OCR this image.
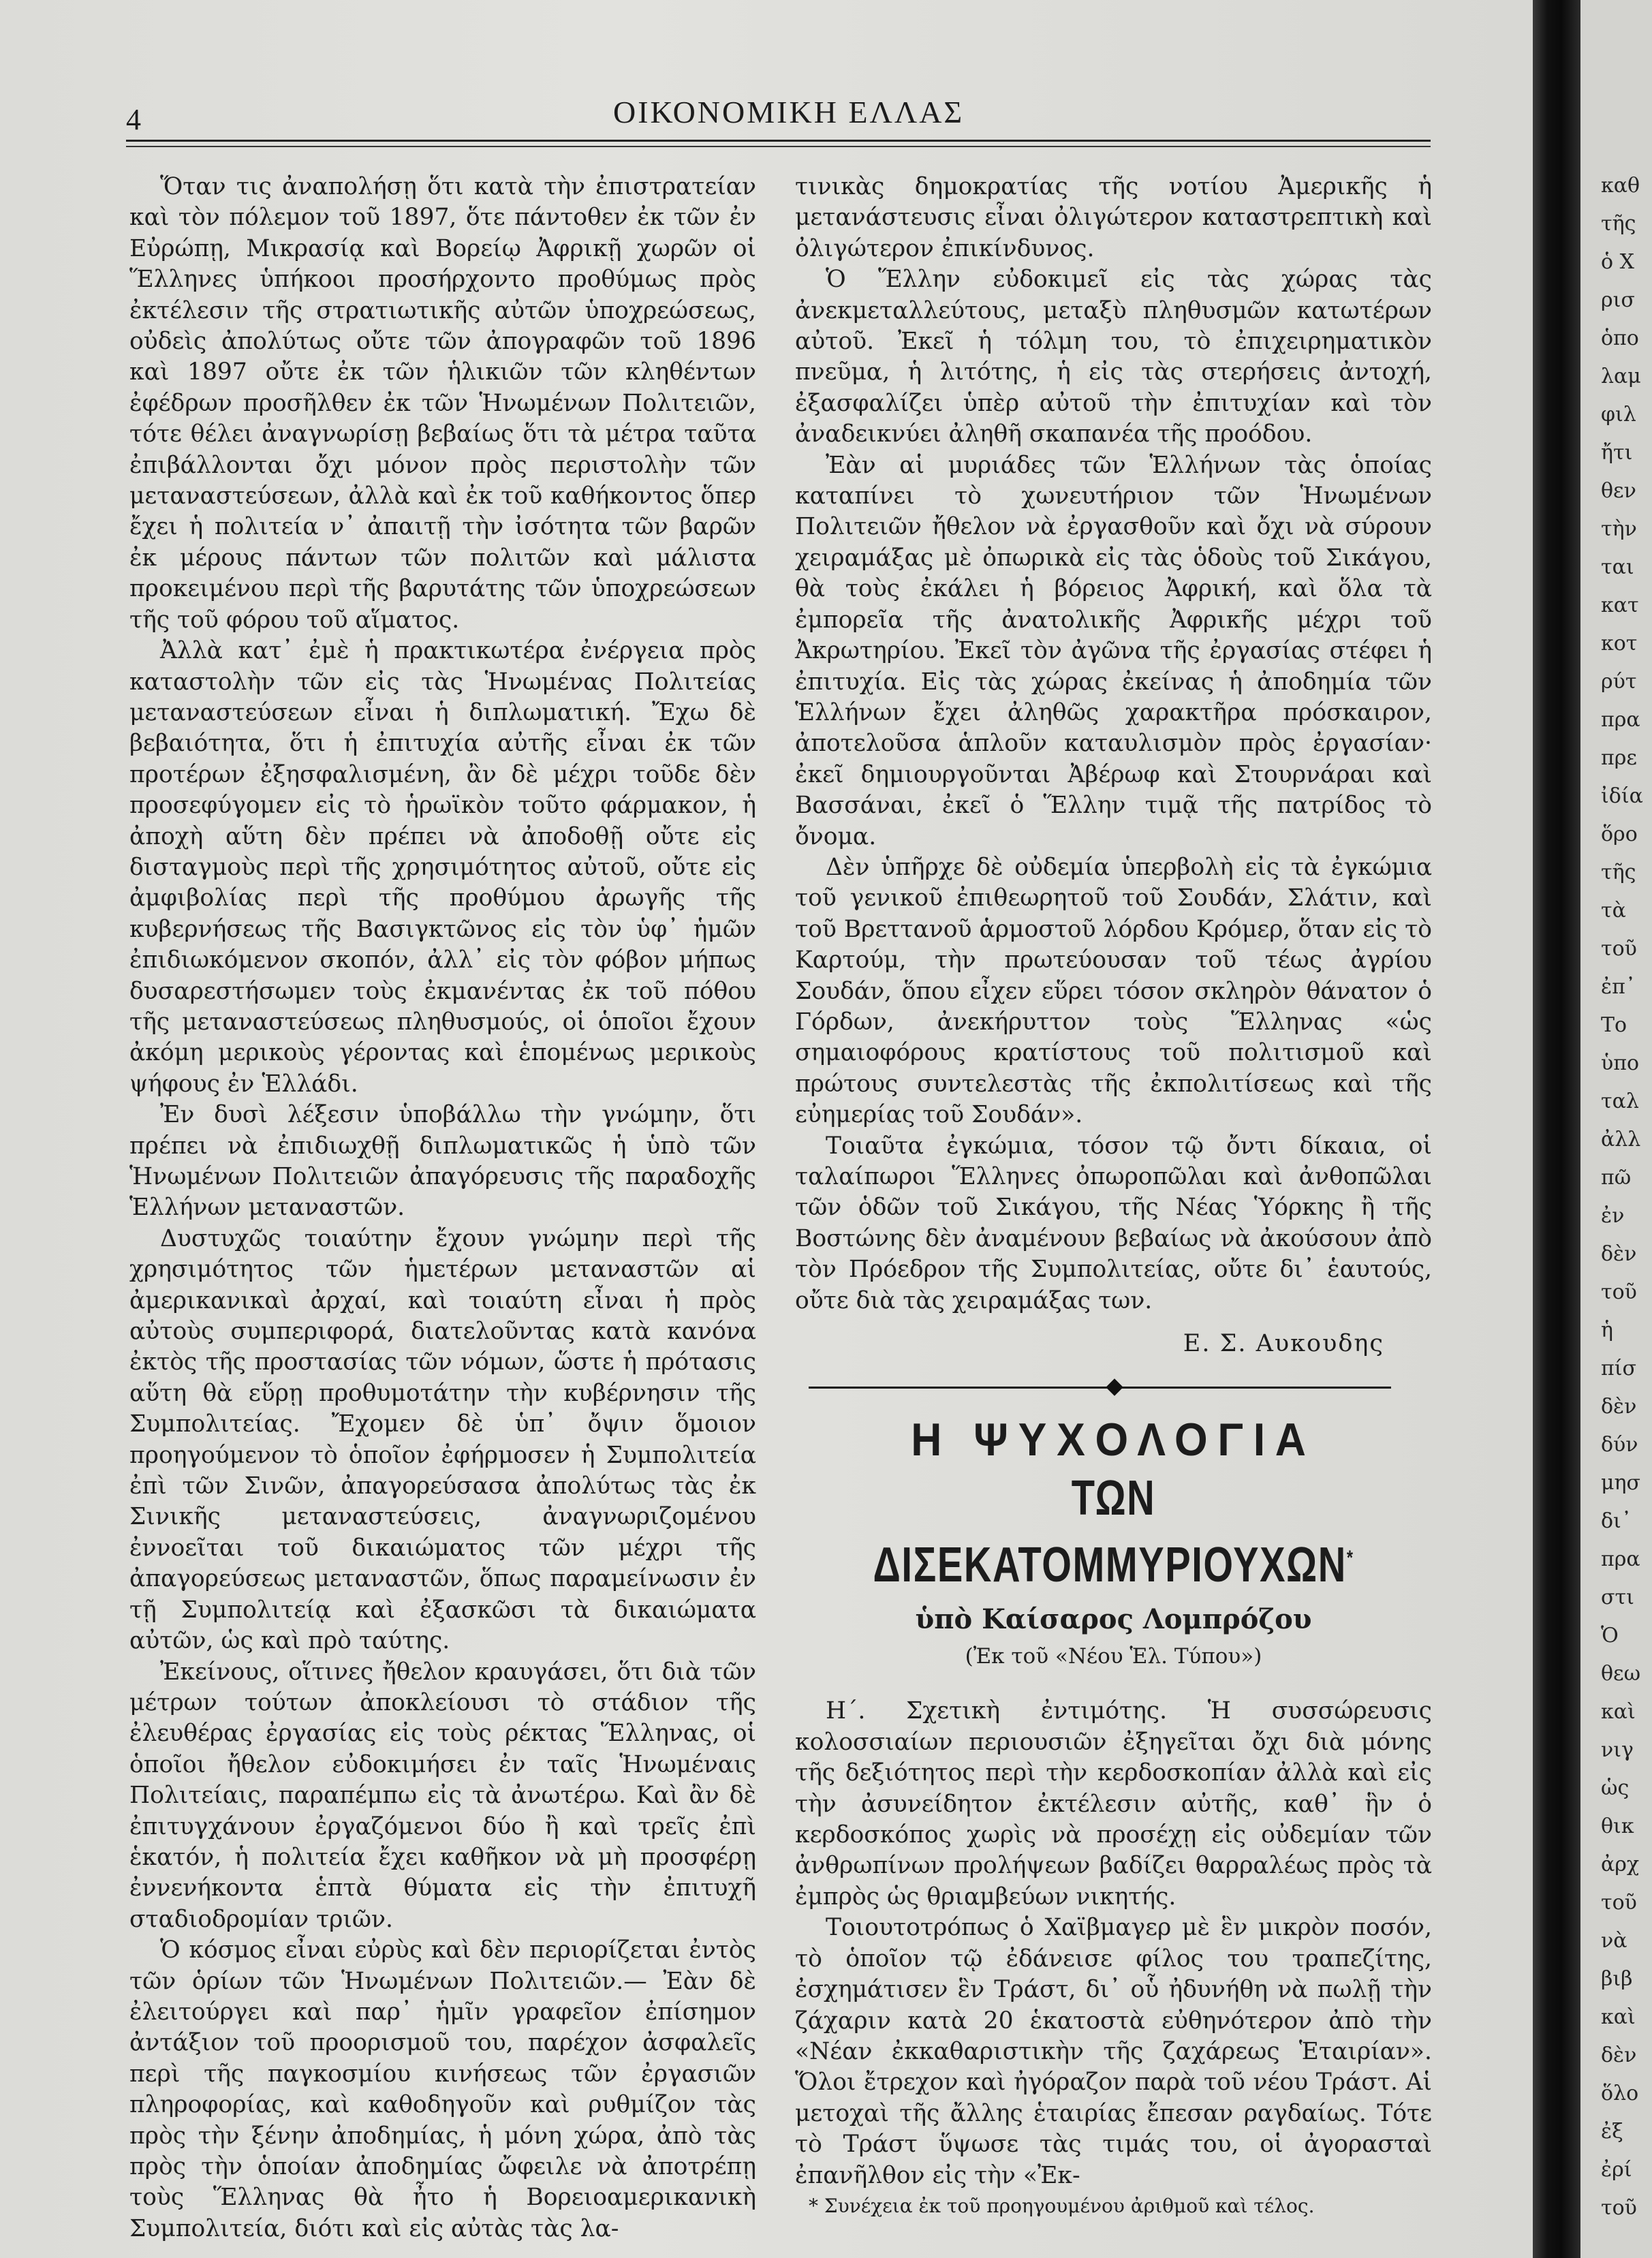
4	ΟΙΚΟΝΟΜΙΚΗ ΕΛΛΑΣ

Ὅταν τις ἀναπολήσῃ ὅτι κατὰ τὴν ἐπιστρατείαν καὶ τὸν πόλεμον τοῦ 1897, ὅτε πάντοθεν ἐκ τῶν ἐν Εὐρώπῃ, Μικρασίᾳ καὶ Βορείῳ Ἀφρικῇ χωρῶν οἱ Ἕλληνες ὑπήκοοι προσήρχοντο προθύμως πρὸς ἐκτέλεσιν τῆς στρατιωτικῆς αὐτῶν ὑποχρεώσεως, οὐδεὶς ἀπολύτως οὔτε τῶν ἀπογραφῶν τοῦ 1896 καὶ 1897 οὔτε ἐκ τῶν ἡλικιῶν τῶν κληθέντων ἐφέδρων προσῆλθεν ἐκ τῶν Ἡνωμένων Πολιτειῶν, τότε θέλει ἀναγνωρίσῃ βεβαίως ὅτι τὰ μέτρα ταῦτα ἐπιβάλλονται ὄχι μόνον πρὸς περιστολὴν τῶν μεταναστεύσεων, ἀλλὰ καὶ ἐκ τοῦ καθήκοντος ὅπερ ἔχει ἡ πολιτεία ν᾽ ἀπαιτῇ τὴν ἰσότητα τῶν βαρῶν ἐκ μέρους πάντων τῶν πολιτῶν καὶ μάλιστα προκειμένου περὶ τῆς βαρυτάτης τῶν ὑποχρεώσεων τῆς τοῦ φόρου τοῦ αἵματος.

Ἀλλὰ κατ᾽ ἐμὲ ἡ πρακτικωτέρα ἐνέργεια πρὸς καταστολὴν τῶν εἰς τὰς Ἡνωμένας Πολιτείας μεταναστεύσεων εἶναι ἡ διπλωματική. Ἔχω δὲ βεβαιότητα, ὅτι ἡ ἐπιτυχία αὐτῆς εἶναι ἐκ τῶν προτέρων ἐξησφαλισμένη, ἂν δὲ μέχρι τοῦδε δὲν προσεφύγομεν εἰς τὸ ἡρωϊκὸν τοῦτο φάρμακον, ἡ ἀποχὴ αὕτη δὲν πρέπει νὰ ἀποδοθῇ οὔτε εἰς δισταγμοὺς περὶ τῆς χρησιμότητος αὐτοῦ, οὔτε εἰς ἀμφιβολίας περὶ τῆς προθύμου ἀρωγῆς τῆς κυβερνήσεως τῆς Βασιγκτῶνος εἰς τὸν ὑφ᾽ ἡμῶν ἐπιδιωκόμενον σκοπόν, ἀλλ᾽ εἰς τὸν φόβον μήπως δυσαρεστήσωμεν τοὺς ἐκμανέντας ἐκ τοῦ πόθου τῆς μεταναστεύσεως πληθυσμούς, οἱ ὁποῖοι ἔχουν ἀκόμη μερικοὺς γέροντας καὶ ἑπομένως μερικοὺς ψήφους ἐν Ἑλλάδι.

Ἐν δυσὶ λέξεσιν ὑποβάλλω τὴν γνώμην, ὅτι πρέπει νὰ ἐπιδιωχθῇ διπλωματικῶς ἡ ὑπὸ τῶν Ἡνωμένων Πολιτειῶν ἀπαγόρευσις τῆς παραδοχῆς Ἑλλήνων μεταναστῶν.

Δυστυχῶς τοιαύτην ἔχουν γνώμην περὶ τῆς χρησιμότητος τῶν ἡμετέρων μεταναστῶν αἱ ἀμερικανικαὶ ἀρχαί, καὶ τοιαύτη εἶναι ἡ πρὸς αὐτοὺς συμπεριφορά, διατελοῦντας κατὰ κανόνα ἐκτὸς τῆς προστασίας τῶν νόμων, ὥστε ἡ πρότασις αὕτη θὰ εὕρῃ προθυμοτάτην τὴν κυβέρνησιν τῆς Συμπολιτείας. Ἔχομεν δὲ ὑπ᾽ ὄψιν ὅμοιον προηγούμενον τὸ ὁποῖον ἐφήρμοσεν ἡ Συμπολιτεία ἐπὶ τῶν Σινῶν, ἀπαγορεύσασα ἀπολύτως τὰς ἐκ Σινικῆς μεταναστεύσεις, ἀναγνωριζομένου ἐννοεῖται τοῦ δικαιώματος τῶν μέχρι τῆς ἀπαγορεύσεως μεταναστῶν, ὅπως παραμείνωσιν ἐν τῇ Συμπολιτείᾳ καὶ ἐξασκῶσι τὰ δικαιώματα αὐτῶν, ὡς καὶ πρὸ ταύτης.

Ἐκείνους, οἵτινες ἤθελον κραυγάσει, ὅτι διὰ τῶν μέτρων τούτων ἀποκλείουσι τὸ στάδιον τῆς ἐλευθέρας ἐργασίας εἰς τοὺς ρέκτας Ἕλληνας, οἱ ὁποῖοι ἤθελον εὐδοκιμήσει ἐν ταῖς Ἡνωμέναις Πολιτείαις, παραπέμπω εἰς τὰ ἀνωτέρω. Καὶ ἂν δὲ ἐπιτυγχάνουν ἐργαζόμενοι δύο ἢ καὶ τρεῖς ἐπὶ ἑκατόν, ἡ πολιτεία ἔχει καθῆκον νὰ μὴ προσφέρῃ ἐννενήκοντα ἑπτὰ θύματα εἰς τὴν ἐπιτυχῆ σταδιοδρομίαν τριῶν.

Ὁ κόσμος εἶναι εὐρὺς καὶ δὲν περιορίζεται ἐντὸς τῶν ὁρίων τῶν Ἡνωμένων Πολιτειῶν.— Ἐὰν δὲ ἐλειτούργει καὶ παρ᾽ ἡμῖν γραφεῖον ἐπίσημον ἀντάξιον τοῦ προορισμοῦ του, παρέχον ἀσφαλεῖς περὶ τῆς παγκοσμίου κινήσεως τῶν ἐργασιῶν πληροφορίας, καὶ καθοδηγοῦν καὶ ρυθμίζον τὰς πρὸς τὴν ξένην ἀποδημίας, ἡ μόνη χώρα, ἀπὸ τὰς πρὸς τὴν ὁποίαν ἀποδημίας ὤφειλε νὰ ἀποτρέπῃ τοὺς Ἕλληνας θὰ ἦτο ἡ Βορειοαμερικανικὴ Συμπολιτεία, διότι καὶ εἰς αὐτὰς τὰς λα-

τινικὰς δημοκρατίας τῆς νοτίου Ἀμερικῆς ἡ μετανάστευσις εἶναι ὀλιγώτερον καταστρεπτικὴ καὶ ὀλιγώτερον ἐπικίνδυνος.

Ὁ Ἕλλην εὐδοκιμεῖ εἰς τὰς χώρας τὰς ἀνεκμεταλλεύτους, μεταξὺ πληθυσμῶν κατωτέρων αὐτοῦ. Ἐκεῖ ἡ τόλμη του, τὸ ἐπιχειρηματικὸν πνεῦμα, ἡ λιτότης, ἡ εἰς τὰς στερήσεις ἀντοχή, ἐξασφαλίζει ὑπὲρ αὐτοῦ τὴν ἐπιτυχίαν καὶ τὸν ἀναδεικνύει ἀληθῆ σκαπανέα τῆς προόδου.

Ἐὰν αἱ μυριάδες τῶν Ἑλλήνων τὰς ὁποίας καταπίνει τὸ χωνευτήριον τῶν Ἡνωμένων Πολιτειῶν ἤθελον νὰ ἐργασθοῦν καὶ ὄχι νὰ σύρουν χειραμάξας μὲ ὀπωρικὰ εἰς τὰς ὁδοὺς τοῦ Σικάγου, θὰ τοὺς ἐκάλει ἡ βόρειος Ἀφρική, καὶ ὅλα τὰ ἐμπορεῖα τῆς ἀνατολικῆς Ἀφρικῆς μέχρι τοῦ Ἀκρωτηρίου. Ἐκεῖ τὸν ἀγῶνα τῆς ἐργασίας στέφει ἡ ἐπιτυχία. Εἰς τὰς χώρας ἐκείνας ἡ ἀποδημία τῶν Ἑλλήνων ἔχει ἀληθῶς χαρακτῆρα πρόσκαιρον, ἀποτελοῦσα ἁπλοῦν καταυλισμὸν πρὸς ἐργασίαν· ἐκεῖ δημιουργοῦνται Ἀβέρωφ καὶ Στουρνάραι καὶ Βασσάναι, ἐκεῖ ὁ Ἕλλην τιμᾷ τῆς πατρίδος τὸ ὄνομα.

Δὲν ὑπῆρχε δὲ οὐδεμία ὑπερβολὴ εἰς τὰ ἐγκώμια τοῦ γενικοῦ ἐπιθεωρητοῦ τοῦ Σουδάν, Σλάτιν, καὶ τοῦ Βρεττανοῦ ἁρμοστοῦ λόρδου Κρόμερ, ὅταν εἰς τὸ Καρτούμ, τὴν πρωτεύουσαν τοῦ τέως ἀγρίου Σουδάν, ὅπου εἶχεν εὕρει τόσον σκληρὸν θάνατον ὁ Γόρδων, ἀνεκήρυττον τοὺς Ἕλληνας «ὡς σημαιοφόρους κρατίστους τοῦ πολιτισμοῦ καὶ πρώτους συντελεστὰς τῆς ἐκπολιτίσεως καὶ τῆς εὐημερίας τοῦ Σουδάν».

Τοιαῦτα ἐγκώμια, τόσον τῷ ὄντι δίκαια, οἱ ταλαίπωροι Ἕλληνες ὀπωροπῶλαι καὶ ἀνθοπῶλαι τῶν ὁδῶν τοῦ Σικάγου, τῆς Νέας Ὑόρκης ἢ τῆς Βοστώνης δὲν ἀναμένουν βεβαίως νὰ ἀκούσουν ἀπὸ τὸν Πρόεδρον τῆς Συμπολιτείας, οὔτε δι᾽ ἑαυτούς, οὔτε διὰ τὰς χειραμάξας των.

Ε. Σ. Αυκουδης
Η ΨΥΧΟΛΟΓΙΑ
ΤΩΝ ΔΙΣΕΚΑΤΟΜΜΥΡΙΟΥΧΩΝ*
ὑπὸ Καίσαρος Λομπρόζου
(Ἐκ τοῦ «Νέου Ἑλ. Τύπου»)

Η΄. Σχετικὴ ἐντιμότης. Ἡ συσσώρευσις κολοσσιαίων περιουσιῶν ἐξηγεῖται ὄχι διὰ μόνης τῆς δεξιότητος περὶ τὴν κερδοσκοπίαν ἀλλὰ καὶ εἰς τὴν ἀσυνείδητον ἐκτέλεσιν αὐτῆς, καθ᾽ ἣν ὁ κερδοσκόπος χωρὶς νὰ προσέχῃ εἰς οὐδεμίαν τῶν ἀνθρωπίνων προλήψεων βαδίζει θαρραλέως πρὸς τὰ ἐμπρὸς ὡς θριαμβεύων νικητής.

Τοιουτοτρόπως ὁ Χαϊβμαγερ μὲ ἓν μικρὸν ποσόν, τὸ ὁποῖον τῷ ἐδάνεισε φίλος του τραπεζίτης, ἐσχημάτισεν ἓν Τράστ, δι᾽ οὗ ἠδυνήθη νὰ πωλῇ τὴν ζάχαριν κατὰ 20 ἑκατοστὰ εὐθηνότερον ἀπὸ τὴν «Νέαν ἐκκαθαριστικὴν τῆς ζαχάρεως Ἑταιρίαν». Ὅλοι ἔτρεχον καὶ ἠγόραζον παρὰ τοῦ νέου Τράστ. Αἱ μετοχαὶ τῆς ἄλλης ἑταιρίας ἔπεσαν ραγδαίως. Τότε τὸ Τράστ ὕψωσε τὰς τιμάς του, οἱ ἀγορασταὶ ἐπανῆλθον εἰς τὴν «Ἐκ-

* Συνέχεια ἐκ τοῦ προηγουμένου ἀριθμοῦ καὶ τέλος.

καθ
τῆς
ὁ Χ
ρισ
ὁπο
λαμ
φιλ
ἤτι
θεν
τὴν
ται
κατ
κοτ
ρύτ
πρα
πρε
ἰδία
ὅρο
τῆς
τὰ
τοῦ
ἐπ᾽
Το
ὑπο
ταλ
ἀλλ
πῶ
ἐν
δὲν
τοῦ
ἡ
πίσ
δὲν
δύν
μησ
δι᾽
πρα
στι
Ὁ
θεω
καὶ
νιγ
ὡς
θικ
ἀρχ
τοῦ
νὰ
βιβ
καὶ
δὲν
ὅλο
ἐξ
ἐρί
τοῦ
